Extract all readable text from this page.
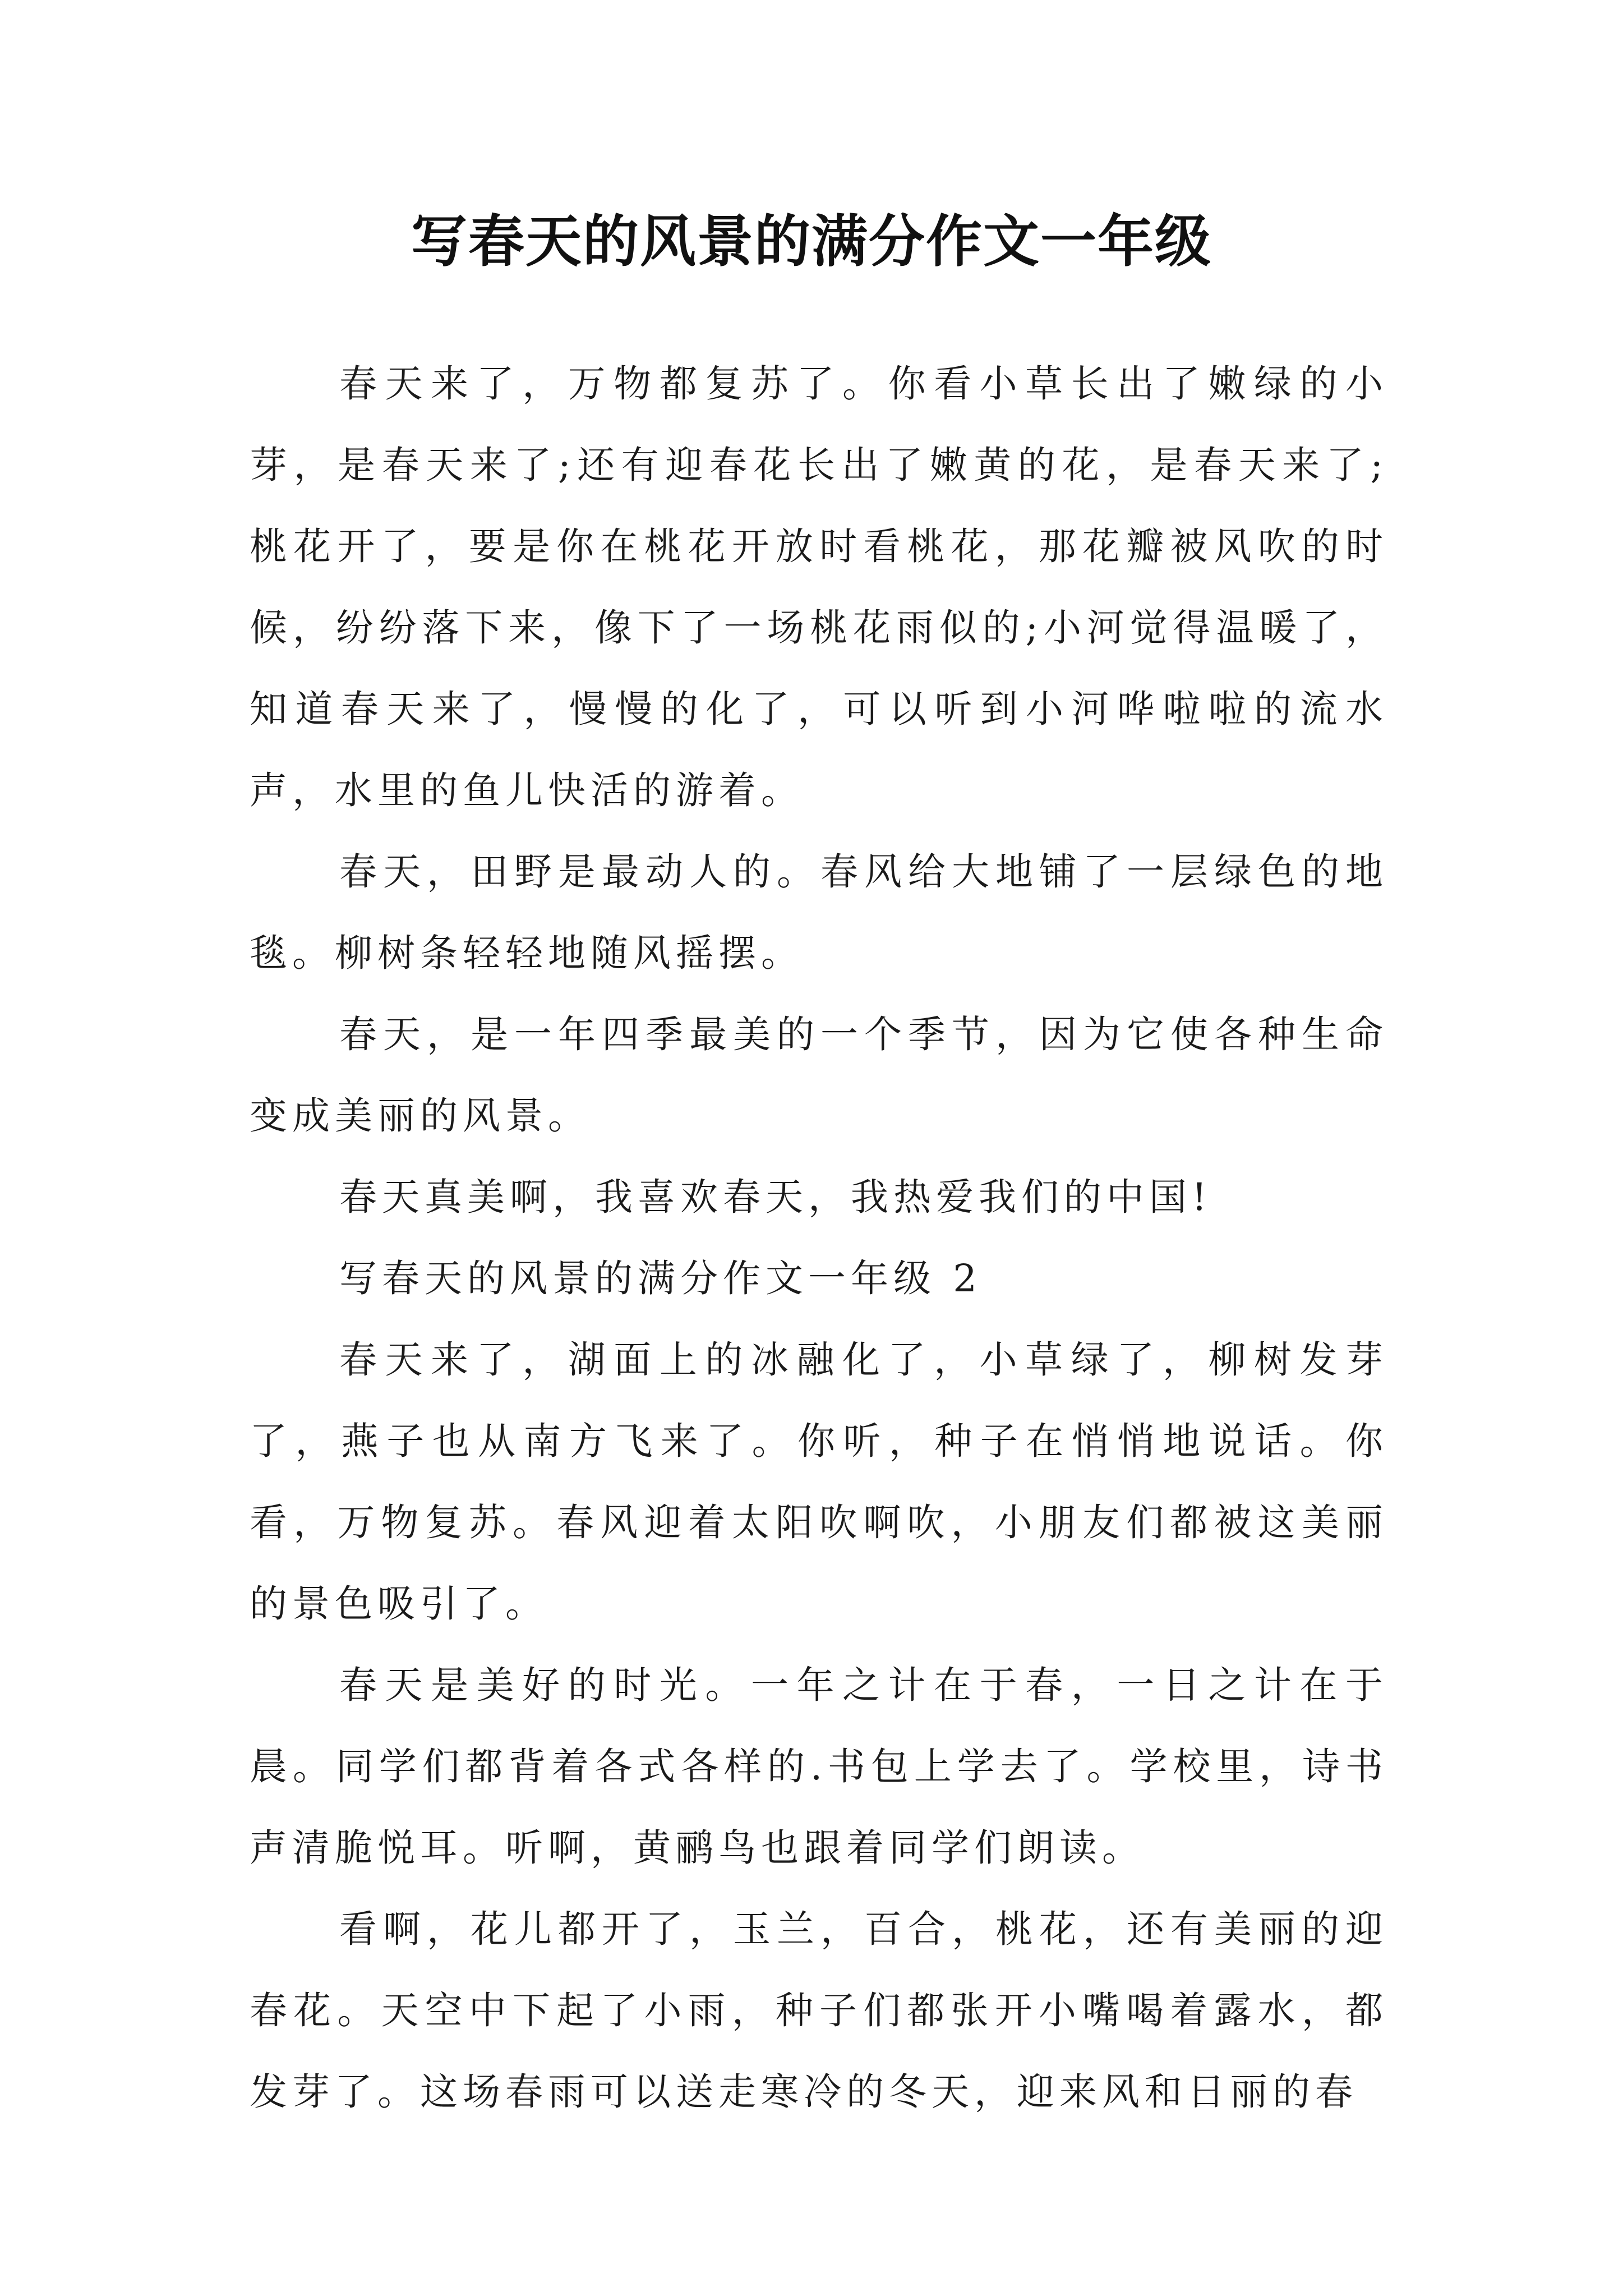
写春天的风景的满分作文一年级

春天来了，万物都复苏了。你看小草长出了嫩绿的小芽，是春天来了;还有迎春花长出了嫩黄的花，是春天来了;桃花开了，要是你在桃花开放时看桃花，那花瓣被风吹的时候，纷纷落下来，像下了一场桃花雨似的;小河觉得温暖了，知道春天来了，慢慢的化了，可以听到小河哗啦啦的流水声，水里的鱼儿快活的游着。

春天，田野是最动人的。春风给大地铺了一层绿色的地毯。柳树条轻轻地随风摇摆。

春天，是一年四季最美的一个季节，因为它使各种生命变成美丽的风景。

春天真美啊，我喜欢春天，我热爱我们的中国!

写春天的风景的满分作文一年级 2

春天来了，湖面上的冰融化了，小草绿了，柳树发芽了，燕子也从南方飞来了。你听，种子在悄悄地说话。你看，万物复苏。春风迎着太阳吹啊吹，小朋友们都被这美丽的景色吸引了。

春天是美好的时光。一年之计在于春，一日之计在于晨。同学们都背着各式各样的.书包上学去了。学校里，诗书声清脆悦耳。听啊，黄鹂鸟也跟着同学们朗读。

看啊，花儿都开了，玉兰，百合，桃花，还有美丽的迎春花。天空中下起了小雨，种子们都张开小嘴喝着露水，都发芽了。这场春雨可以送走寒冷的冬天，迎来风和日丽的春
